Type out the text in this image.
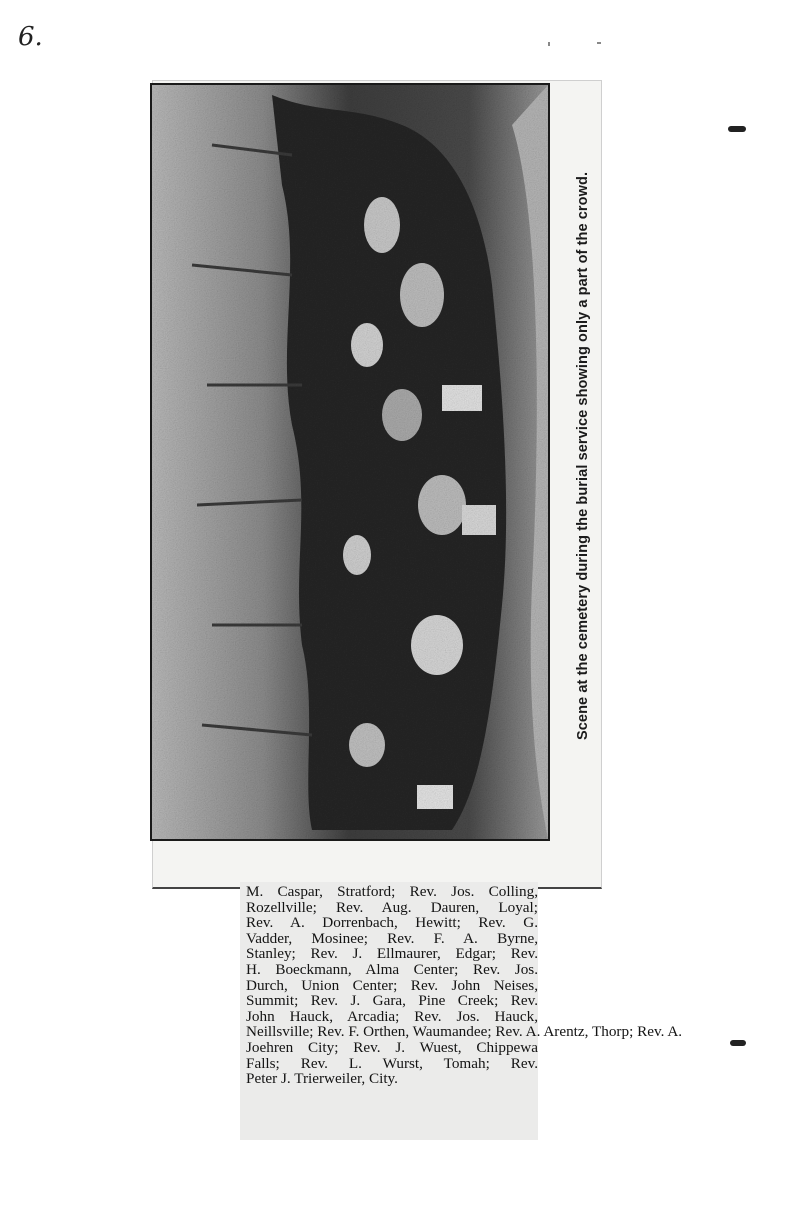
6.
Scene at the cemetery during the burial service showing only a part of the crowd.
M. Caspar, Stratford; Rev. Jos. Colling,
Rozellville; Rev. Aug. Dauren, Loyal;
Rev. A. Dorrenbach, Hewitt; Rev. G.
Vadder, Mosinee; Rev. F. A. Byrne,
Stanley; Rev. J. Ellmaurer, Edgar; Rev.
H. Boeckmann, Alma Center; Rev. Jos.
Durch, Union Center; Rev. John Neises,
Summit; Rev. J. Gara, Pine Creek; Rev.
John Hauck, Arcadia; Rev. Jos. Hauck,
Neillsville; Rev. F. Orthen, Waumandee; Rev. A. Arentz, Thorp; Rev. A.
Joehren City; Rev. J. Wuest, Chippewa
Falls; Rev. L. Wurst, Tomah; Rev.
Peter J. Trierweiler, City.
